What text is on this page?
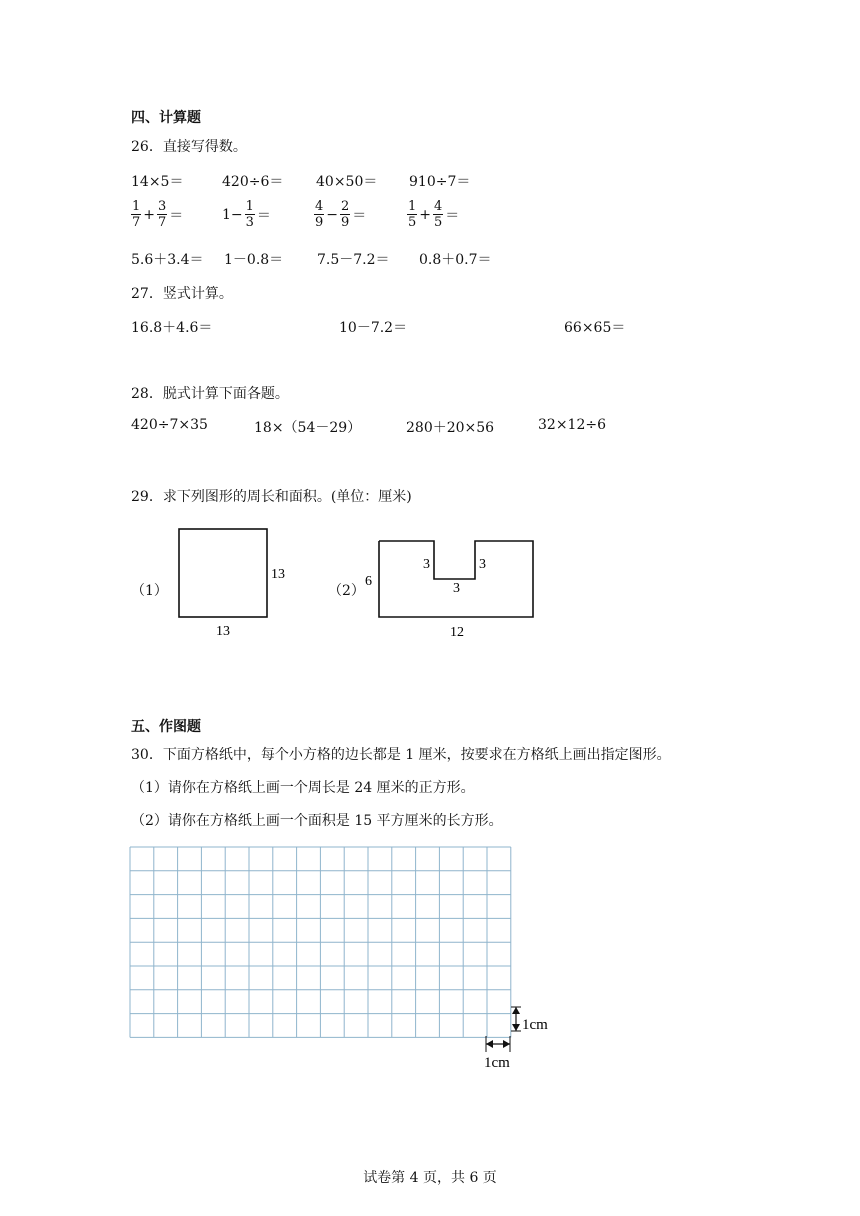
四、计算题
26．直接写得数。
14×5＝	420÷6＝ 40×50＝ 910÷7＝
$\frac{1}{7} + \frac{3}{7}$ ＝	$1- \frac{1}{3}$ ＝	$\frac{4}{9} - \frac{2}{9}$ ＝	$\frac{1}{5} + \frac{4}{5}$ ＝
5.6＋3.4＝ 1－0.8＝ 7.5－7.2＝ 0.8＋0.7＝
27．竖式计算。
16.8＋4.6＝	10－7.2＝	66×65＝
28．脱式计算下面各题。
420÷7×35	18×（54－29）	280＋20×56	32×12÷6
29．求下列图形的周长和面积。(单位：厘米)
（1）
13
13
（2）
6
3	3
3
12
五、作图题
30．下面方格纸中，每个小方格的边长都是 1 厘米，按要求在方格纸上画出指定图形。
（1）请你在方格纸上画一个周长是 24 厘米的正方形。
（2）请你在方格纸上画一个面积是 15 平方厘米的长方形。
1cm
1cm
试卷第 4 页，共 6 页
